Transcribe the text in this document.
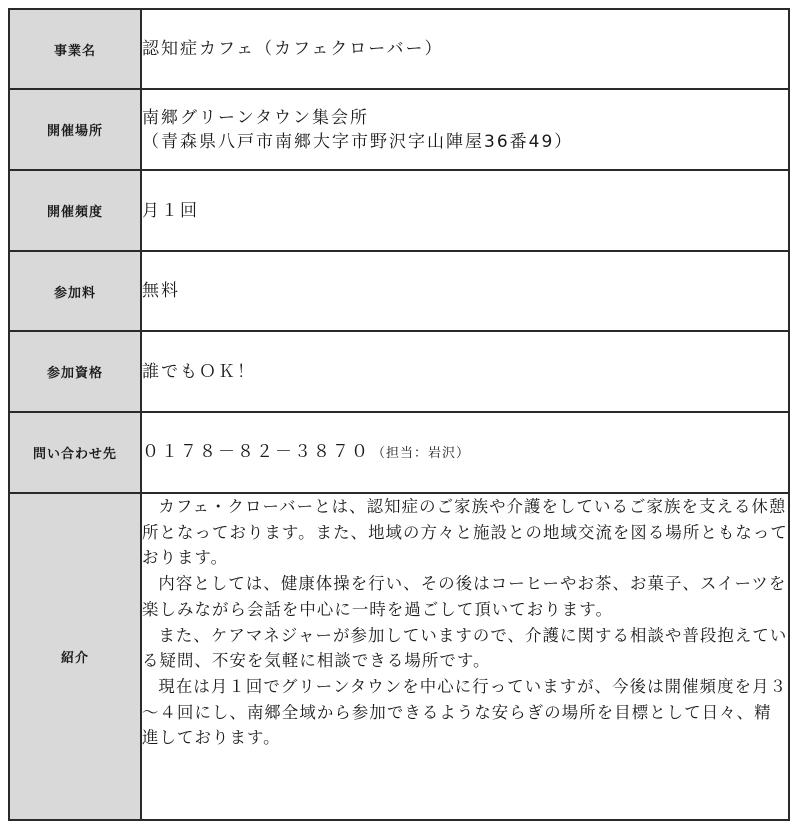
事業名	認知症カフェ（カフェクローバー）
開催場所	南郷グリーンタウン集会所
（青森県八戸市南郷大字市野沢字山陣屋36番49）

開催頻度	月１回
参加料	無料
参加資格	誰でもＯＫ！
問い合わせ先	０１７８－８２－３８７０ （担当：岩沢）
紹介	カフェ・クローバーとは、認知症のご家族や介護をしているご家族を支える休憩所となっております。また、地域の方々と施設との地域交流を図る場所ともなっております。

内容としては、健康体操を行い、その後はコーヒーやお茶、お菓子、スイーツを楽しみながら会話を中心に一時を過ごして頂いております。

また、ケアマネジャーが参加していますので、介護に関する相談や普段抱えている疑問、不安を気軽に相談できる場所です。

現在は月１回でグリーンタウンを中心に行っていますが、今後は開催頻度を月３～４回にし、南郷全域から参加できるような安らぎの場所を目標として日々、精進しております。
